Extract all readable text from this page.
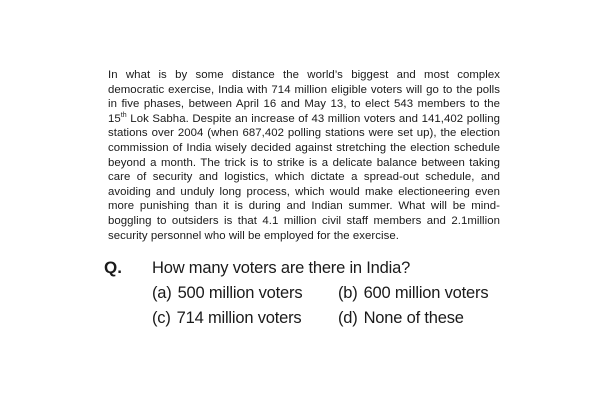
In what is by some distance the world’s biggest and most complex democratic exercise, India with 714 million eligible voters will go to the polls in five phases, between April 16 and May 13, to elect 543 members to the 15th Lok Sabha. Despite an increase of 43 million voters and 141,402 polling stations over 2004 (when 687,402 polling stations were set up), the election commission of India wisely decided against stretching the election schedule beyond a month. The trick is to strike is a delicate balance between taking care of security and logistics, which dictate a spread-out schedule, and avoiding and unduly long process, which would make electioneering even more punishing than it is during and Indian summer. What will be mind-boggling to outsiders is that 4.1 million civil staff members and 2.1million security personnel who will be employed for the exercise.

Q.	How many voters are there in India?
(a) 500 million voters	(b) 600 million voters
(c) 714 million voters	(d) None of these
